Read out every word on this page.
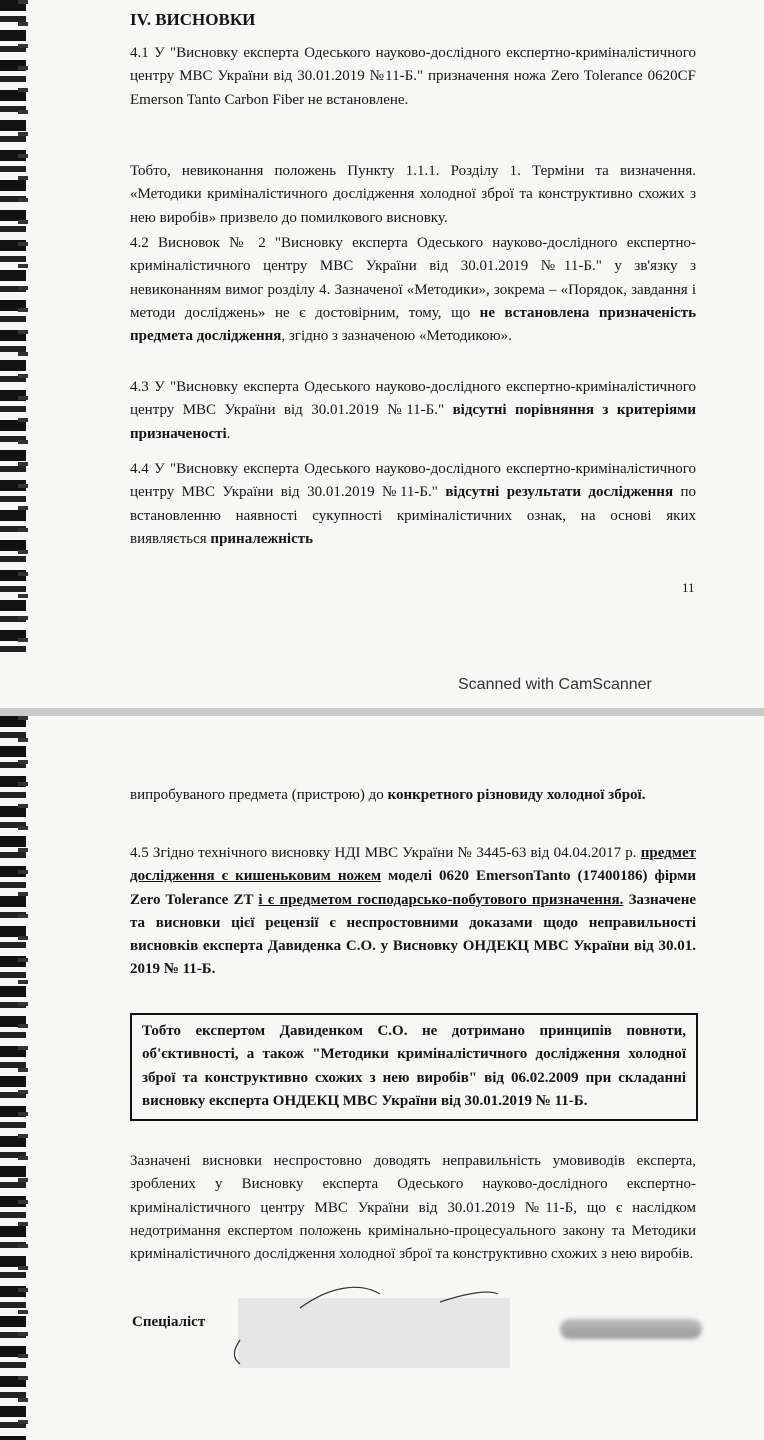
IV. ВИСНОВКИ

4.1 У "Висновку експерта Одеського науково-дослідного експертно-криміналістичного центру МВС України від 30.01.2019 №11-Б." призначення ножа Zero Tolerance 0620CF Emerson Tanto Carbon Fiber не встановлене.

Тобто, невиконання положень Пункту 1.1.1. Розділу 1. Терміни та визначення. «Методики криміналістичного дослідження холодної зброї та конструктивно схожих з нею виробів» призвело до помилкового висновку.

4.2 Висновок № 2 "Висновку експерта Одеського науково-дослідного експертно-криміналістичного центру МВС України від 30.01.2019 №11-Б." у зв'язку з невиконанням вимог розділу 4. Зазначеної «Методики», зокрема – «Порядок, завдання і методи досліджень» не є достовірним, тому, що не встановлена призначеність предмета дослідження, згідно з зазначеною «Методикою».

4.3 У "Висновку експерта Одеського науково-дослідного експертно-криміналістичного центру МВС України від 30.01.2019 №11-Б." відсутні порівняння з критеріями призначеності.

4.4 У "Висновку експерта Одеського науково-дослідного експертно-криміналістичного центру МВС України від 30.01.2019 №11-Б." відсутні результати дослідження по встановленню наявності сукупності криміналістичних ознак, на основі яких виявляється приналежність

11
Scanned with CamScanner

випробуваного предмета (пристрою) до конкретного різновиду холодної зброї.

4.5 Згідно технічного висновку НДІ МВС України № 3445-63 від 04.04.2017 р. предмет дослідження є кишеньковим ножем моделі 0620 EmersonTanto (17400186) фірми Zero Tolerance ZT і є предметом господарсько-побутового призначення. Зазначене та висновки цієї рецензії є неспростовними доказами щодо неправильності висновків експерта Давиденка С.О. у Висновку ОНДЕКЦ МВС України від 30.01. 2019 № 11-Б.

Тобто експертом Давиденком С.О. не дотримано принципів повноти, об'єктивності, а також "Методики криміналістичного дослідження холодної зброї та конструктивно схожих з нею виробів" від 06.02.2009 при складанні висновку експерта ОНДЕКЦ МВС України від 30.01.2019 № 11-Б.

Зазначені висновки неспростовно доводять неправильність умовиводів експерта, зроблених у Висновку експерта Одеського науково-дослідного експертно-криміналістичного центру МВС України від 30.01.2019 №11-Б, що є наслідком недотримання експертом положень кримінально-процесуального закону та Методики криміналістичного дослідження холодної зброї та конструктивно схожих з нею виробів.

Спеціаліст
